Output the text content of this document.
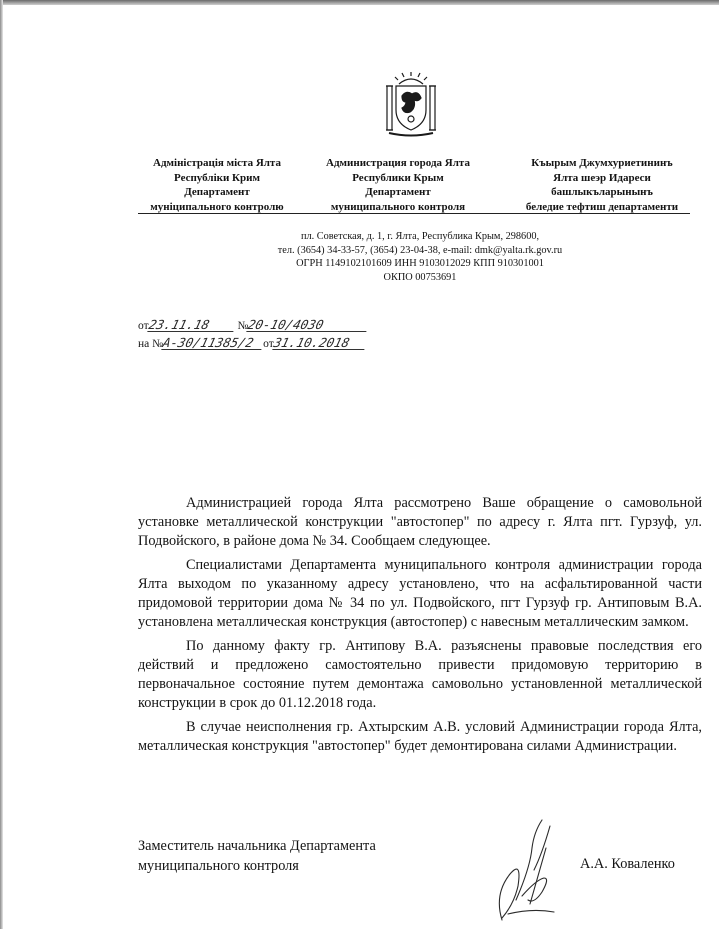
Адміністрація міста Ялта
Республіки Крим
Департамент
муніципального контролю
Администрация города Ялта
Республики Крым
Департамент
муниципального контроля
Къырым Джумхуриетининъ
Ялта шеэр Идареси
башлыкъларынынъ
беледие тефтиш департаменти
пл. Советская, д. 1, г. Ялта, Республика Крым, 298600,
тел. (3654) 34-33-57, (3654) 23-04-38, e-mail: dmk@yalta.rk.gov.ru
ОГРН 1149102101609 ИНН 9103012029 КПП 910301001
ОКПО 00753691
от23.11.18 №20-10/4030
на №А-30/11385/2 от31.10.2018

Администрацией города Ялта рассмотрено Ваше обращение о самовольной установке металлической конструкции "автостопер" по адресу г. Ялта пгт. Гурзуф, ул. Подвойского, в районе дома № 34. Сообщаем следующее.

Специалистами Департамента муниципального контроля администрации города Ялта выходом по указанному адресу установлено, что на асфальтированной части придомовой территории дома № 34 по ул. Подвойского, пгт Гурзуф гр. Антиповым В.А. установлена металлическая конструкция (автостопер) с навесным металлическим замком.

По данному факту гр. Антипову В.А. разъяснены правовые последствия его действий и предложено самостоятельно привести придомовую территорию в первоначальное состояние путем демонтажа самовольно установленной металлической конструкции в срок до 01.12.2018 года.

В случае неисполнения гр. Ахтырским А.В. условий Администрации города Ялта, металлическая конструкция "автостопер" будет демонтирована силами Администрации.

Заместитель начальника Департамента
муниципального контроля	А.А. Коваленко
